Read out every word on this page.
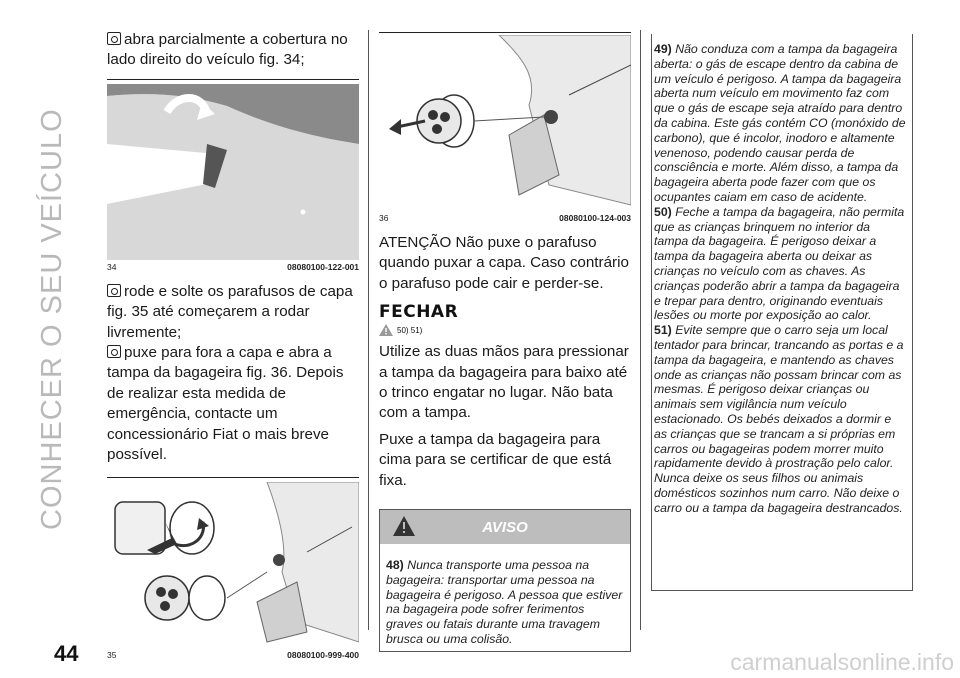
CONHECER O SEU VEÍCULO
abra parcialmente a cobertura no lado direito do veículo fig. 34;
34	08080100-122-001
rode e solte os parafusos de capa fig. 35 até começarem a rodar livremente;
puxe para fora a capa e abra a tampa da bagageira fig. 36. Depois de realizar esta medida de emergência, contacte um concessionário Fiat o mais breve possível.
35	08080100-999-400
36	08080100-124-003
ATENÇÃO Não puxe o parafuso quando puxar a capa. Caso contrário o parafuso pode cair e perder-se.
FECHAR
50) 51)
Utilize as duas mãos para pressionar a tampa da bagageira para baixo até o trinco engatar no lugar. Não bata com a tampa.
Puxe a tampa da bagageira para cima para se certificar de que está fixa.
AVISO
48) Nunca transporte uma pessoa na bagageira: transportar uma pessoa na bagageira é perigoso. A pessoa que estiver na bagageira pode sofrer ferimentos graves ou fatais durante uma travagem brusca ou uma colisão.
49) Não conduza com a tampa da bagageira aberta: o gás de escape dentro da cabina de um veículo é perigoso. A tampa da bagageira aberta num veículo em movimento faz com que o gás de escape seja atraído para dentro da cabina. Este gás contém CO (monóxido de carbono), que é incolor, inodoro e altamente venenoso, podendo causar perda de consciência e morte. Além disso, a tampa da bagageira aberta pode fazer com que os ocupantes caiam em caso de acidente.
50) Feche a tampa da bagageira, não permita que as crianças brinquem no interior da tampa da bagageira. É perigoso deixar a tampa da bagageira aberta ou deixar as crianças no veículo com as chaves. As crianças poderão abrir a tampa da bagageira e trepar para dentro, originando eventuais lesões ou morte por exposição ao calor.
51) Evite sempre que o carro seja um local tentador para brincar, trancando as portas e a tampa da bagageira, e mantendo as chaves onde as crianças não possam brincar com as mesmas. É perigoso deixar crianças ou animais sem vigilância num veículo estacionado. Os bebés deixados a dormir e as crianças que se trancam a si próprias em carros ou bagageiras podem morrer muito rapidamente devido à prostração pelo calor. Nunca deixe os seus filhos ou animais domésticos sozinhos num carro. Não deixe o carro ou a tampa da bagageira destrancados.
44	carmanualsonline.info
